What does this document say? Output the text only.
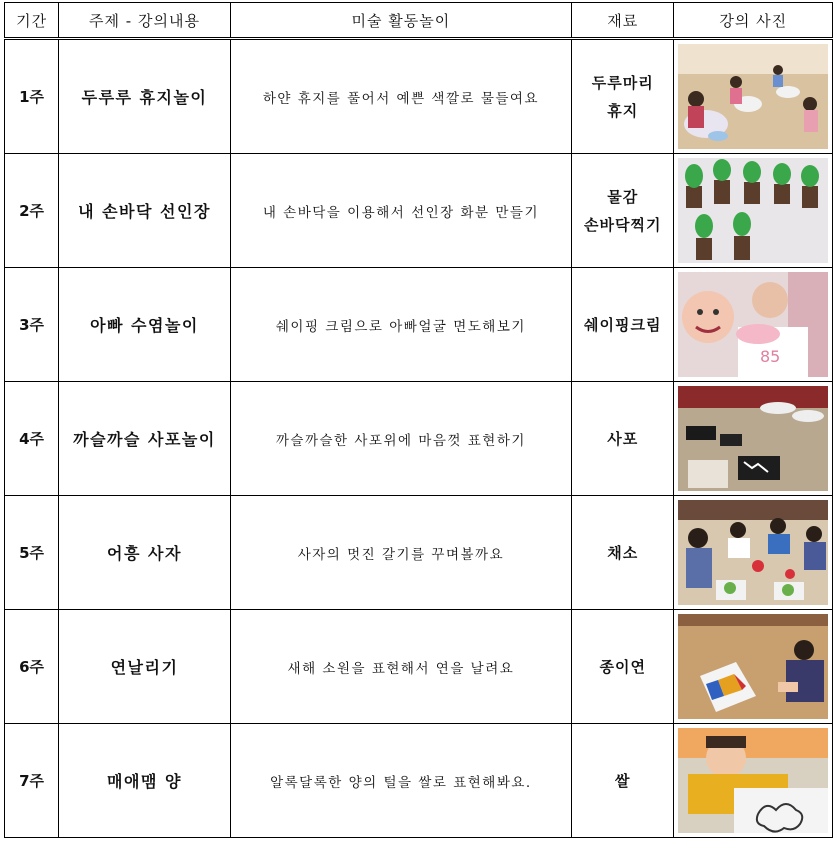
기간	주제 - 강의내용	미술 활동놀이	재료	강의 사진
1주	두루루 휴지놀이	하얀 휴지를 풀어서 예쁜 색깔로 물들여요	두루마리
휴지

2주	내 손바닥 선인장	내 손바닥을 이용해서 선인장 화분 만들기	물감
손바닥찍기

3주	아빠 수염놀이	쉐이핑 크림으로 아빠얼굴 면도해보기	쉐이핑크림	85

4주	까슬까슬 사포놀이	까슬까슬한 사포위에 마음껏 표현하기	사포

5주	어흥 사자	사자의 멋진 갈기를 꾸며볼까요	채소

6주	연날리기	새해 소원을 표현해서 연을 날려요	종이연

7주	매애맴 양	알록달록한 양의 털을 쌀로 표현해봐요.	쌀
